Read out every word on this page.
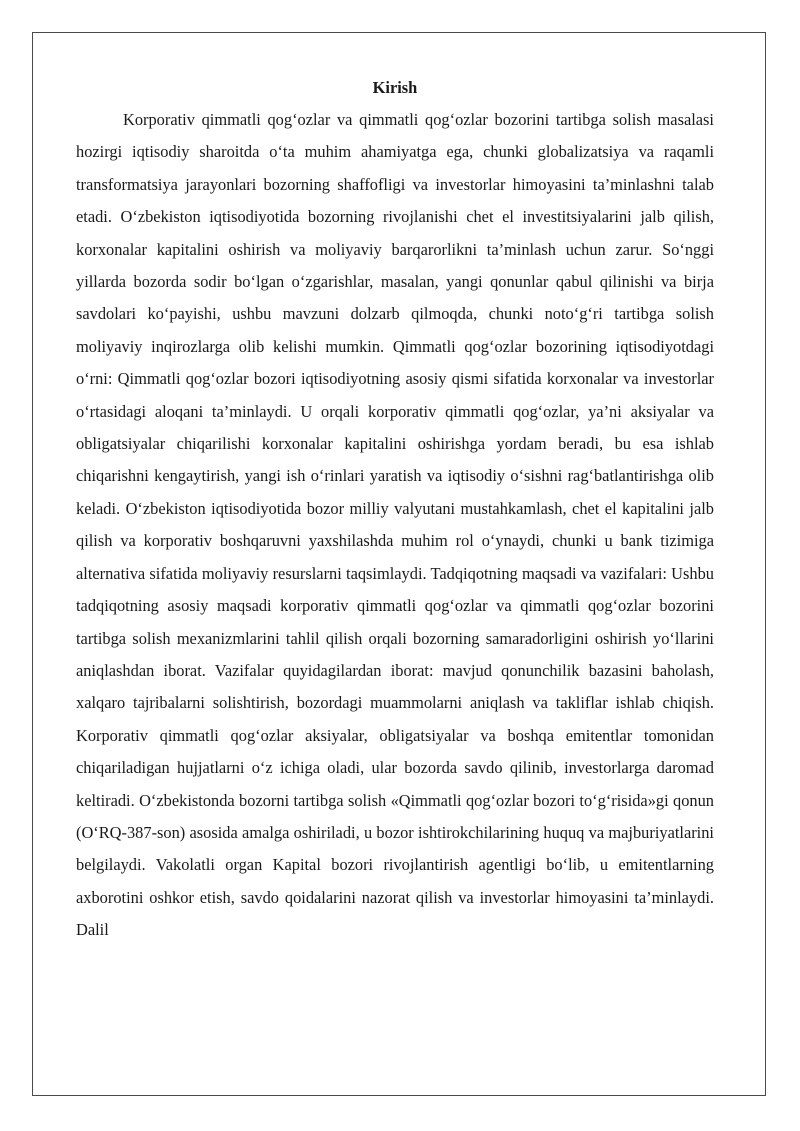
Kirish

Korporativ qimmatli qog‘ozlar va qimmatli qog‘ozlar bozorini tartibga solish masalasi hozirgi iqtisodiy sharoitda o‘ta muhim ahamiyatga ega, chunki globalizatsiya va raqamli transformatsiya jarayonlari bozorning shaffofligi va investorlar himoyasini ta’minlashni talab etadi. O‘zbekiston iqtisodiyotida bozorning rivojlanishi chet el investitsiyalarini jalb qilish, korxonalar kapitalini oshirish va moliyaviy barqarorlikni ta’minlash uchun zarur. So‘nggi yillarda bozorda sodir bo‘lgan o‘zgarishlar, masalan, yangi qonunlar qabul qilinishi va birja savdolari ko‘payishi, ushbu mavzuni dolzarb qilmoqda, chunki noto‘g‘ri tartibga solish moliyaviy inqirozlarga olib kelishi mumkin. Qimmatli qog‘ozlar bozorining iqtisodiyotdagi o‘rni: Qimmatli qog‘ozlar bozori iqtisodiyotning asosiy qismi sifatida korxonalar va investorlar o‘rtasidagi aloqani ta’minlaydi. U orqali korporativ qimmatli qog‘ozlar, ya’ni aksiyalar va obligatsiyalar chiqarilishi korxonalar kapitalini oshirishga yordam beradi, bu esa ishlab chiqarishni kengaytirish, yangi ish o‘rinlari yaratish va iqtisodiy o‘sishni rag‘batlantirishga olib keladi. O‘zbekiston iqtisodiyotida bozor milliy valyutani mustahkamlash, chet el kapitalini jalb qilish va korporativ boshqaruvni yaxshilashda muhim rol o‘ynaydi, chunki u bank tizimiga alternativa sifatida moliyaviy resurslarni taqsimlaydi. Tadqiqotning maqsadi va vazifalari: Ushbu tadqiqotning asosiy maqsadi korporativ qimmatli qog‘ozlar va qimmatli qog‘ozlar bozorini tartibga solish mexanizmlarini tahlil qilish orqali bozorning samaradorligini oshirish yo‘llarini aniqlashdan iborat. Vazifalar quyidagilardan iborat: mavjud qonunchilik bazasini baholash, xalqaro tajribalarni solishtirish, bozordagi muammolarni aniqlash va takliflar ishlab chiqish. Korporativ qimmatli qog‘ozlar aksiyalar, obligatsiyalar va boshqa emitentlar tomonidan chiqariladigan hujjatlarni o‘z ichiga oladi, ular bozorda savdo qilinib, investorlarga daromad keltiradi. O‘zbekistonda bozorni tartibga solish «Qimmatli qog‘ozlar bozori to‘g‘risida»gi qonun (O‘RQ-387-son) asosida amalga oshiriladi, u bozor ishtirokchilarining huquq va majburiyatlarini belgilaydi. Vakolatli organ Kapital bozori rivojlantirish agentligi bo‘lib, u emitentlarning axborotini oshkor etish, savdo qoidalarini nazorat qilish va investorlar himoyasini ta’minlaydi. Dalil
